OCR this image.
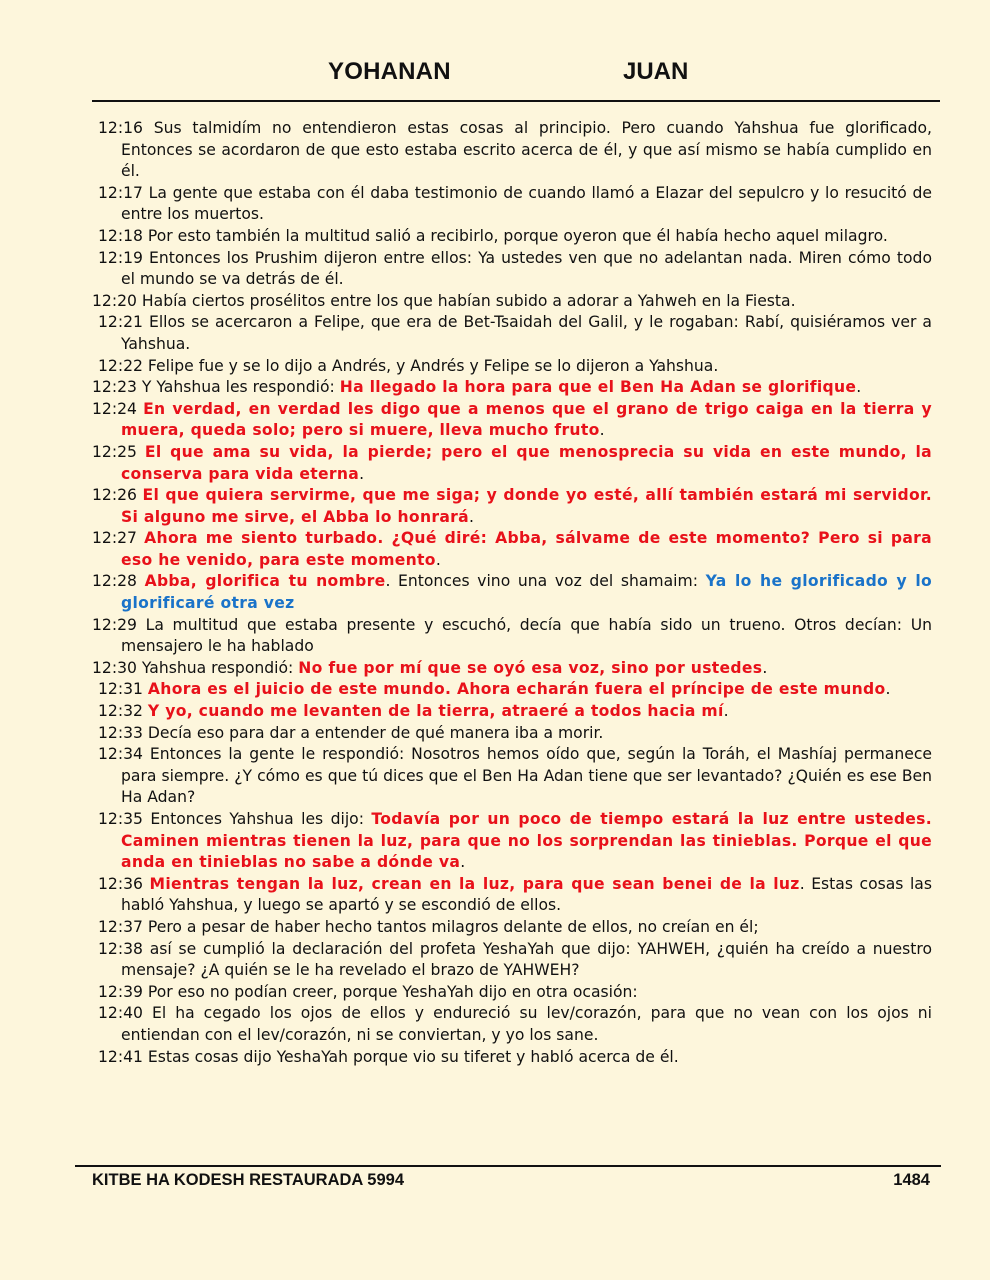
YOHANAN	JUAN

12:16 Sus talmidím no entendieron estas cosas al principio. Pero cuando Yahshua fue glorificado, Entonces se acordaron de que esto estaba escrito acerca de él, y que así mismo se había cumplido en él.

12:17 La gente que estaba con él daba testimonio de cuando llamó a Elazar del sepulcro y lo resucitó de entre los muertos.

12:18 Por esto también la multitud salió a recibirlo, porque oyeron que él había hecho aquel milagro.

12:19 Entonces los Prushim dijeron entre ellos: Ya ustedes ven que no adelantan nada. Miren cómo todo el mundo se va detrás de él.

12:20 Había ciertos prosélitos entre los que habían subido a adorar a Yahweh en la Fiesta.

12:21 Ellos se acercaron a Felipe, que era de Bet-Tsaidah del Galil, y le rogaban: Rabí, quisiéramos ver a Yahshua.

12:22 Felipe fue y se lo dijo a Andrés, y Andrés y Felipe se lo dijeron a Yahshua.

12:23 Y Yahshua les respondió: Ha llegado la hora para que el Ben Ha Adan se glorifique.

12:24 En verdad, en verdad les digo que a menos que el grano de trigo caiga en la tierra y muera, queda solo; pero si muere, lleva mucho fruto.

12:25 El que ama su vida, la pierde; pero el que menosprecia su vida en este mundo, la conserva para vida eterna.

12:26 El que quiera servirme, que me siga; y donde yo esté, allí también estará mi servidor. Si alguno me sirve, el Abba lo honrará.

12:27 Ahora me siento turbado. ¿Qué diré: Abba, sálvame de este momento? Pero si para eso he venido, para este momento.

12:28 Abba, glorifica tu nombre. Entonces vino una voz del shamaim: Ya lo he glorificado y lo glorificaré otra vez

12:29 La multitud que estaba presente y escuchó, decía que había sido un trueno. Otros decían: Un mensajero le ha hablado

12:30 Yahshua respondió: No fue por mí que se oyó esa voz, sino por ustedes.

12:31 Ahora es el juicio de este mundo. Ahora echarán fuera el príncipe de este mundo.

12:32 Y yo, cuando me levanten de la tierra, atraeré a todos hacia mí.

12:33 Decía eso para dar a entender de qué manera iba a morir.

12:34 Entonces la gente le respondió: Nosotros hemos oído que, según la Toráh, el Mashíaj permanece para siempre. ¿Y cómo es que tú dices que el Ben Ha Adan tiene que ser levantado? ¿Quién es ese Ben Ha Adan?

12:35 Entonces Yahshua les dijo: Todavía por un poco de tiempo estará la luz entre ustedes. Caminen mientras tienen la luz, para que no los sorprendan las tinieblas. Porque el que anda en tinieblas no sabe a dónde va.

12:36 Mientras tengan la luz, crean en la luz, para que sean benei de la luz. Estas cosas las habló Yahshua, y luego se apartó y se escondió de ellos.

12:37 Pero a pesar de haber hecho tantos milagros delante de ellos, no creían en él;

12:38 así se cumplió la declaración del profeta YeshaYah que dijo: YAHWEH, ¿quién ha creído a nuestro mensaje? ¿A quién se le ha revelado el brazo de YAHWEH?

12:39 Por eso no podían creer, porque YeshaYah dijo en otra ocasión:

12:40 El ha cegado los ojos de ellos y endureció su lev/corazón, para que no vean con los ojos ni entiendan con el lev/corazón, ni se conviertan, y yo los sane.

12:41 Estas cosas dijo YeshaYah porque vio su tiferet y habló acerca de él.

KITBE HA KODESH RESTAURADA 5994	1484
